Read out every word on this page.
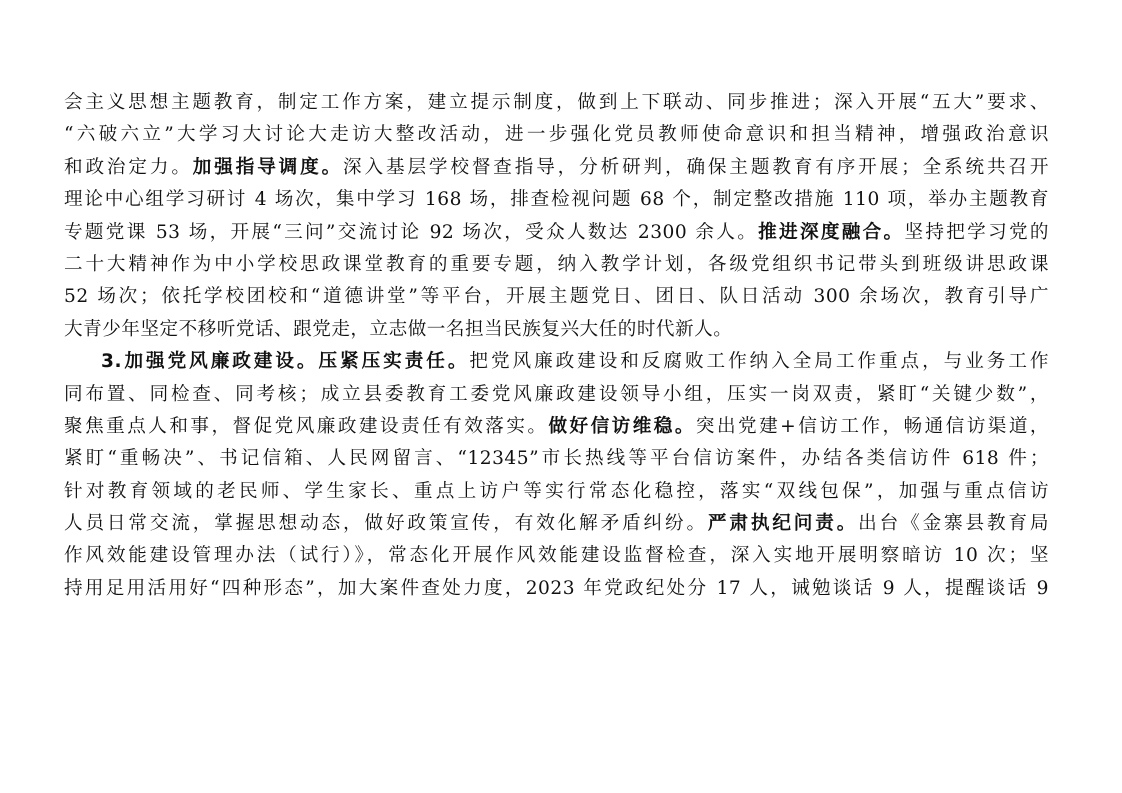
会主义思想主题教育，制定工作方案，建立提示制度，做到上下联动、同步推进；深入开展“五大”要求、
“六破六立”大学习大讨论大走访大整改活动，进一步强化党员教师使命意识和担当精神，增强政治意识
和政治定力。加强指导调度。深入基层学校督查指导，分析研判，确保主题教育有序开展；全系统共召开
理论中心组学习研讨 4 场次，集中学习 168 场，排查检视问题 68 个，制定整改措施 110 项，举办主题教育
专题党课 53 场，开展“三问”交流讨论 92 场次，受众人数达 2300 余人。推进深度融合。坚持把学习党的
二十大精神作为中小学校思政课堂教育的重要专题，纳入教学计划，各级党组织书记带头到班级讲思政课
52 场次；依托学校团校和“道德讲堂”等平台，开展主题党日、团日、队日活动 300 余场次，教育引导广
大青少年坚定不移听党话、跟党走，立志做一名担当民族复兴大任的时代新人。
3.加强党风廉政建设。压紧压实责任。把党风廉政建设和反腐败工作纳入全局工作重点，与业务工作
同布置、同检查、同考核；成立县委教育工委党风廉政建设领导小组，压实一岗双责，紧盯“关键少数”，
聚焦重点人和事，督促党风廉政建设责任有效落实。做好信访维稳。突出党建+信访工作，畅通信访渠道，
紧盯“重畅决”、书记信箱、人民网留言、“12345”市长热线等平台信访案件，办结各类信访件 618 件；
针对教育领域的老民师、学生家长、重点上访户等实行常态化稳控，落实“双线包保”，加强与重点信访
人员日常交流，掌握思想动态，做好政策宣传，有效化解矛盾纠纷。严肃执纪问责。出台《金寨县教育局
作风效能建设管理办法（试行）》，常态化开展作风效能建设监督检查，深入实地开展明察暗访 10 次；坚
持用足用活用好“四种形态”，加大案件查处力度，2023 年党政纪处分 17 人，诫勉谈话 9 人，提醒谈话 9
